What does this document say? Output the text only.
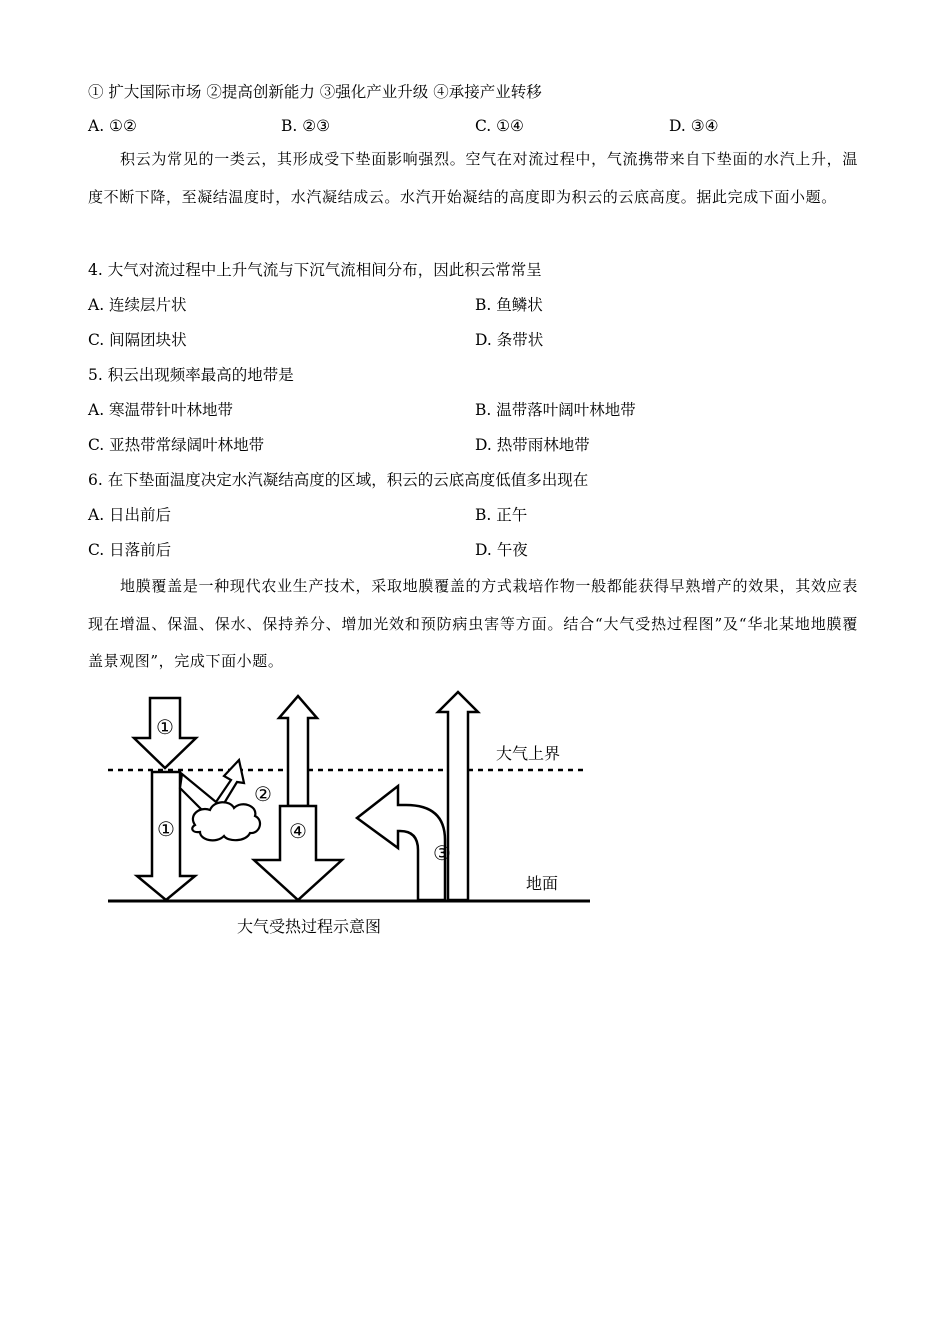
① 扩大国际市场 ②提高创新能力 ③强化产业升级 ④承接产业转移
A. ①②	B. ②③	C. ①④	D. ③④
积云为常见的一类云，其形成受下垫面影响强烈。空气在对流过程中，气流携带来自下垫面的水汽上升，温度不断下降，至凝结温度时，水汽凝结成云。水汽开始凝结的高度即为积云的云底高度。据此完成下面小题。
4. 大气对流过程中上升气流与下沉气流相间分布，因此积云常常呈
A. 连续层片状	B. 鱼鳞状
C. 间隔团块状	D. 条带状
5. 积云出现频率最高的地带是
A. 寒温带针叶林地带	B. 温带落叶阔叶林地带
C. 亚热带常绿阔叶林地带	D. 热带雨林地带
6. 在下垫面温度决定水汽凝结高度的区域，积云的云底高度低值多出现在
A. 日出前后	B. 正午
C. 日落前后	D. 午夜
地膜覆盖是一种现代农业生产技术，采取地膜覆盖的方式栽培作物一般都能获得早熟增产的效果，其效应表现在增温、保温、保水、保持养分、增加光效和预防病虫害等方面。结合“大气受热过程图”及“华北某地地膜覆盖景观图”，完成下面小题。
①
①
②
④
③
大气上界
地面
大气受热过程示意图
